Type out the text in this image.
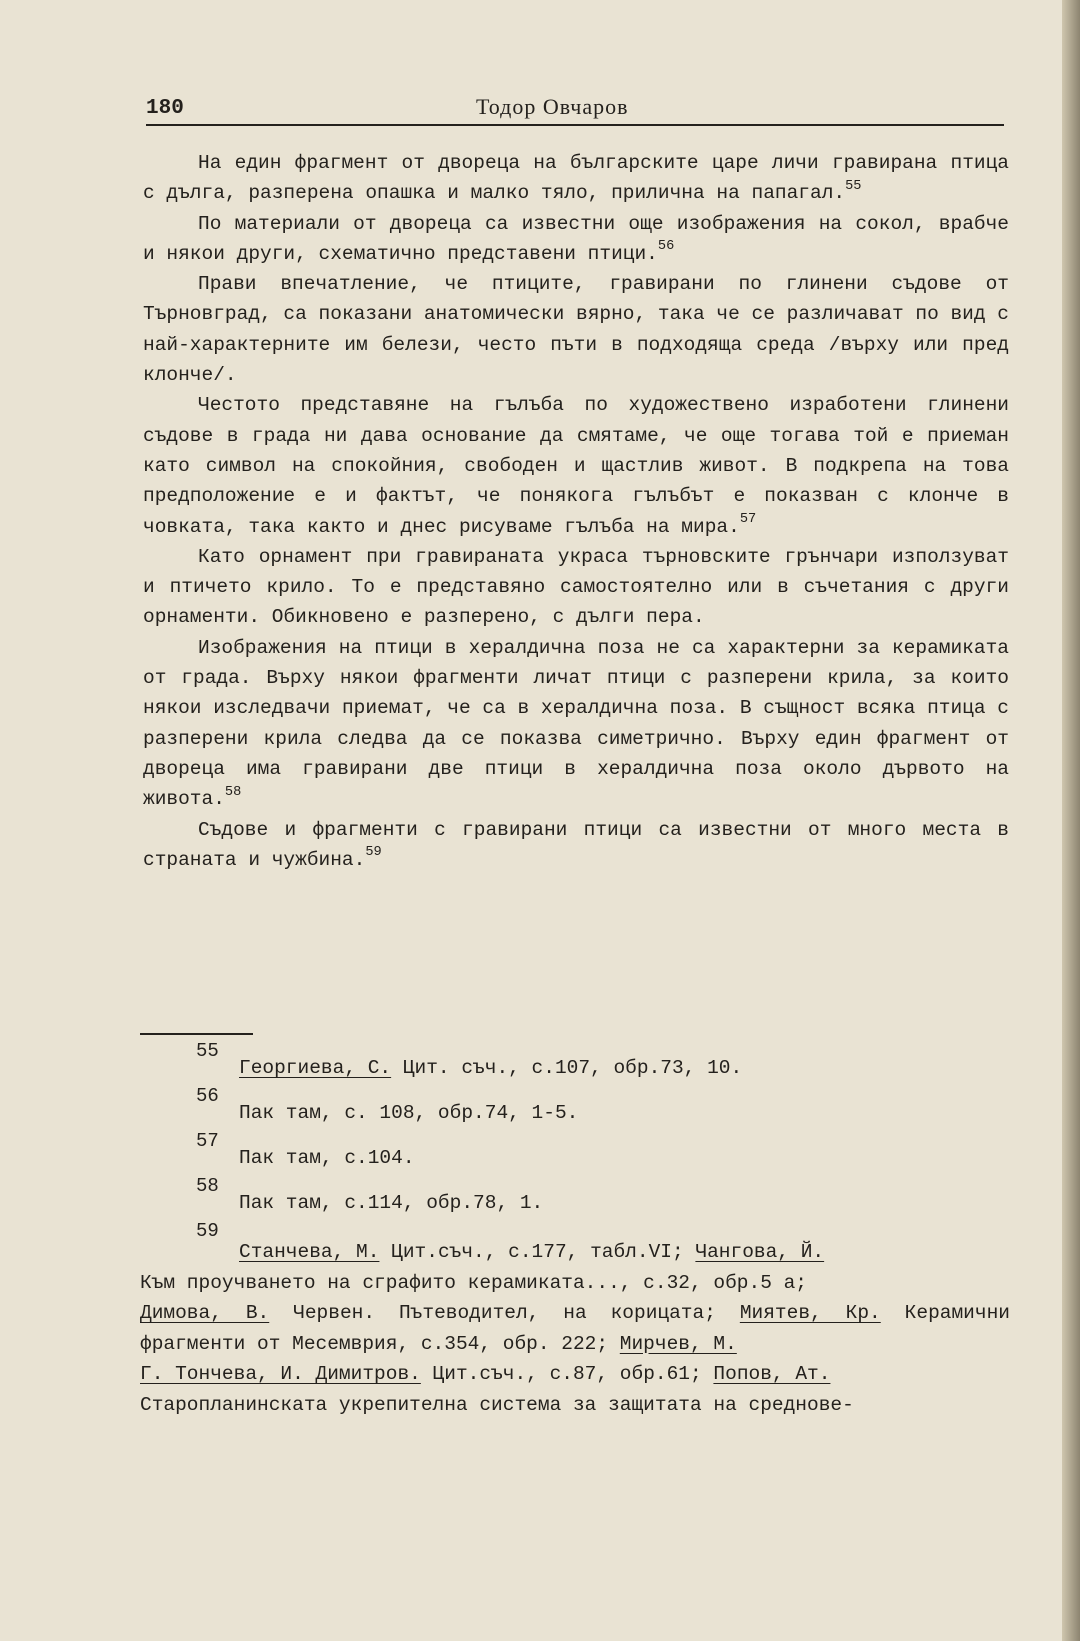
180	Тодор Овчаров

На един фрагмент от двореца на българските царе личи гравирана птица с дълга, разперена опашка и малко тяло, прилична на папагал.$^{55}$

По материали от двореца са известни още изображения на сокол, врабче и някои други, схематично представени птици.$^{56}$

Прави впечатление, че птиците, гравирани по глинени съдове от Търновград, са показани анатомически вярно, така че се различават по вид с най-характерните им белези, често пъти в подходяща среда /върху или пред клонче/.

Честото представяне на гълъба по художествено изработени глинени съдове в града ни дава основание да смятаме, че още тогава той е приеман като символ на спокойния, свободен и щастлив живот. В подкрепа на това предположение е и фактът, че понякога гълъбът е показван с клонче в човката, така както и днес рисуваме гълъба на мира.$^{57}$

Като орнамент при гравираната украса търновските грънчари използуват и птичето крило. То е представяно самостоятелно или в съчетания с други орнаменти. Обикновено е разперено, с дълги пера.

Изображения на птици в хералдична поза не са характерни за керамиката от града. Върху някои фрагменти личат птици с разперени крила, за които някои изследвачи приемат, че са в хералдична поза. В същност всяка птица с разперени крила следва да се показва симетрично. Върху един фрагмент от двореца има гравирани две птици в хералдична поза около дървото на живота.$^{58}$

Съдове и фрагменти с гравирани птици са известни от много места в страната и чужбина.$^{59}$

55
Георгиева, С. Цит. съч., с.107, обр.73, 10.
56
Пак там, с. 108, обр.74, 1-5.
57
Пак там, с.104.
58
Пак там, с.114, обр.78, 1.
59
Станчева, М. Цит.съч., с.177, табл.VI; Чангова, Й.
Към проучването на сграфито керамиката..., с.32, обр.5 а;
Димова, В. Червен. Пътеводител, на корицата; Миятев, Кр. Керамични фрагменти от Месемврия, с.354, обр. 222; Мирчев, М.
Г. Тончева, И. Димитров. Цит.съч., с.87, обр.61; Попов, Ат.
Старопланинската укрепителна система за защитата на средновe-
